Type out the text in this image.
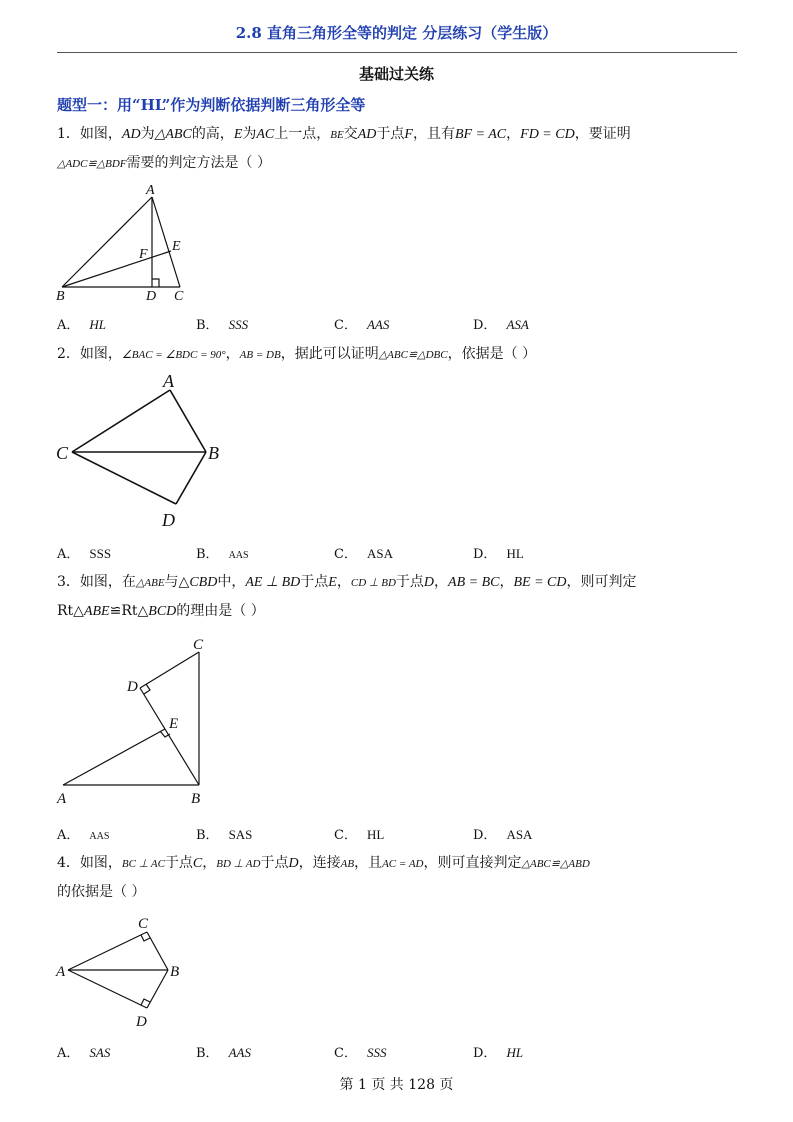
2.8 直角三角形全等的判定 分层练习（学生版）
基础过关练
题型一：用“HL”作为判断依据判断三角形全等
1．如图，AD为△ABC的高，E为AC上一点，BE交AD于点F，且有BF = AC，FD = CD，要证明
△ADC≌△BDF需要的判定方法是（ ）
A
B	C
D
E
F
A． HL	B． SSS	C． AAS	D． ASA
2．如图，∠BAC = ∠BDC = 90°，AB = DB，据此可以证明△ABC≌△DBC，依据是（ ）
A
B
C
D
A． SSS	B． AAS	C． ASA	D． HL
3．如图，在△ABE与△CBD中，AE ⊥ BD于点E，CD ⊥ BD于点D，AB = BC，BE = CD，则可判定
Rt△ABE≌Rt△BCD的理由是（ ）
C
D
E
A	B
A． AAS	B． SAS	C． HL	D． ASA
4．如图，BC ⊥ AC于点C，BD ⊥ AD于点D，连接AB，且AC = AD，则可直接判定△ABC≌△ABD
的依据是（ ）
C
A	B
D
A． SAS	B． AAS	C． SSS	D． HL
第 1 页 共 128 页
